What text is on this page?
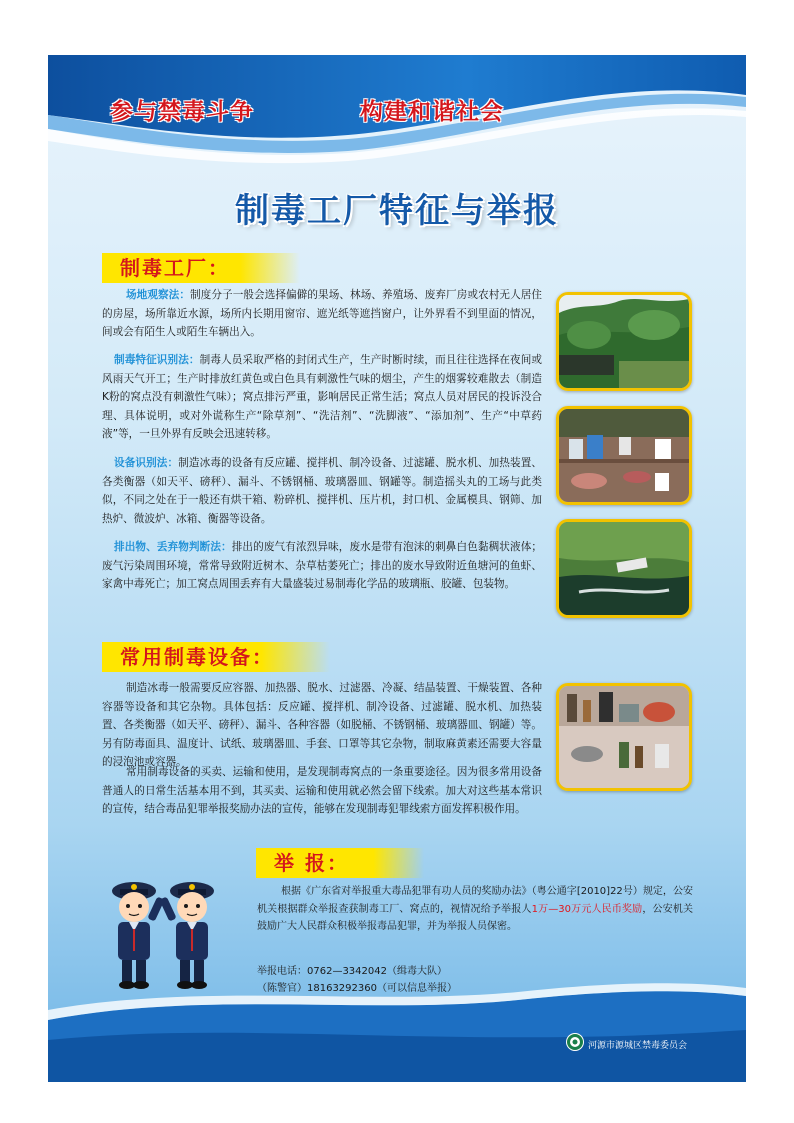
参与禁毒斗争	构建和谐社会
制毒工厂特征与举报
制毒工厂：

场地观察法：制度分子一般会选择偏僻的果场、林场、养殖场、废弃厂房或农村无人居住的房屋，场所靠近水源，场所内长期用窗帘、遮光纸等遮挡窗户，让外界看不到里面的情况，间或会有陌生人或陌生车辆出入。

制毒特征识别法：制毒人员采取严格的封闭式生产，生产时断时续，而且往往选择在夜间或风雨天气开工；生产时排放红黄色或白色具有刺激性气味的烟尘，产生的烟雾较难散去（制造K粉的窝点没有刺激性气味）；窝点排污严重，影响居民正常生活；窝点人员对居民的投诉没合理、具体说明，或对外谎称生产“除草剂”、“洗洁剂”、“洗脚液”、“添加剂”、生产“中草药液”等，一旦外界有反映会迅速转移。

设备识别法：制造冰毒的设备有反应罐、搅拌机、制冷设备、过滤罐、脱水机、加热装置、各类衡器（如天平、磅秤）、漏斗、不锈钢桶、玻璃器皿、钢罐等。制造摇头丸的工场与此类似，不同之处在于一般还有烘干箱、粉碎机、搅拌机、压片机，封口机、金属模具、钢筛、加热炉、微波炉、冰箱、衡器等设备。

排出物、丢弃物判断法：排出的废气有浓烈异味，废水是带有泡沫的刺鼻白色黏稠状液体；废气污染周围环境，常常导致附近树木、杂草枯萎死亡；排出的废水导致附近鱼塘河的鱼虾、家禽中毒死亡；加工窝点周围丢弃有大量盛装过易制毒化学品的玻璃瓶、胶罐、包装物。

常用制毒设备：

制造冰毒一般需要反应容器、加热器、脱水、过滤器、冷凝、结晶装置、干燥装置、各种容器等设备和其它杂物。具体包括：反应罐、搅拌机、制冷设备、过滤罐、脱水机、加热装置、各类衡器（如天平、磅秤）、漏斗、各种容器（如脱桶、不锈钢桶、玻璃器皿、钢罐）等。另有防毒面具、温度计、试纸、玻璃器皿、手套、口罩等其它杂物，制取麻黄素还需要大容量的浸泡池或容器。

常用制毒设备的买卖、运输和使用，是发现制毒窝点的一条重要途径。因为很多常用设备普通人的日常生活基本用不到，其买卖、运输和使用就必然会留下线索。加大对这些基本常识的宣传，结合毒品犯罪举报奖励办法的宣传，能够在发现制毒犯罪线索方面发挥积极作用。

举 报：

根据《广东省对举报重大毒品犯罪有功人员的奖励办法》（粤公通字[2010]22号）规定，公安机关根据群众举报查获制毒工厂、窝点的，视情况给予举报人1万—30万元人民币奖励，公安机关鼓励广大人民群众积极举报毒品犯罪，并为举报人员保密。

举报电话：0762—3342042（缉毒大队）

（陈警官）18163292360（可以信息举报）

河源市源城区禁毒委员会
